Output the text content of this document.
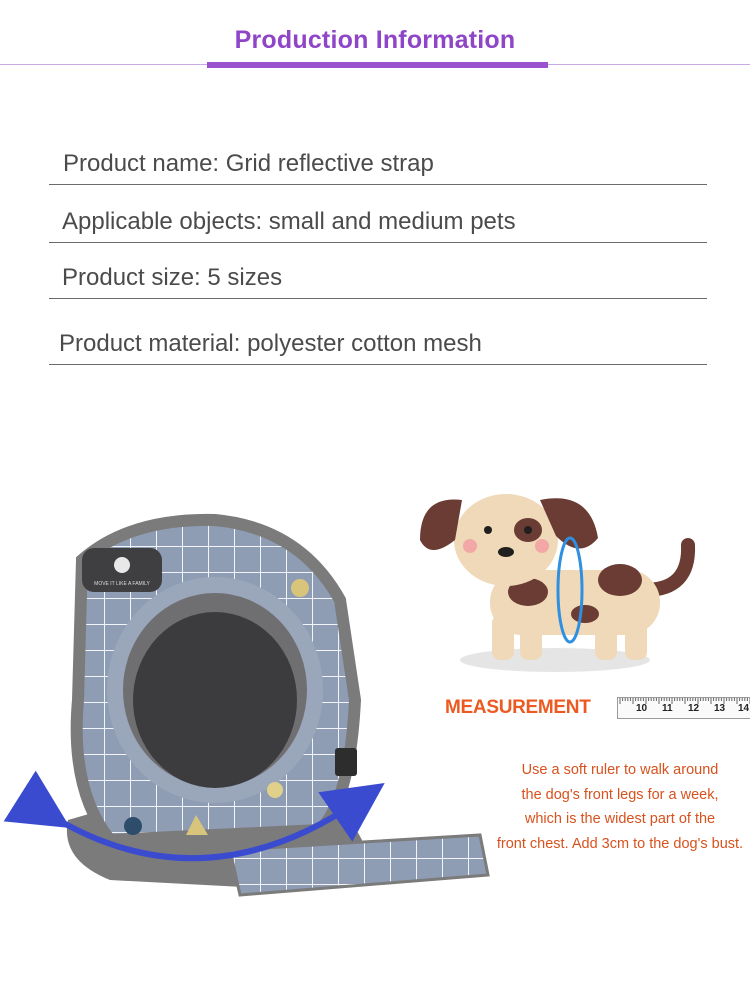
Production Information
Product name: Grid reflective strap
Applicable objects: small and medium pets
Product size: 5 sizes
Product material: polyester cotton mesh
MOVE IT LIKE A FAMILY
MEASUREMENT	10 11 12 13 14
Use a soft ruler to walk around
the dog's front legs for a week,
which is the widest part of the
front chest. Add 3cm to the dog's bust.
